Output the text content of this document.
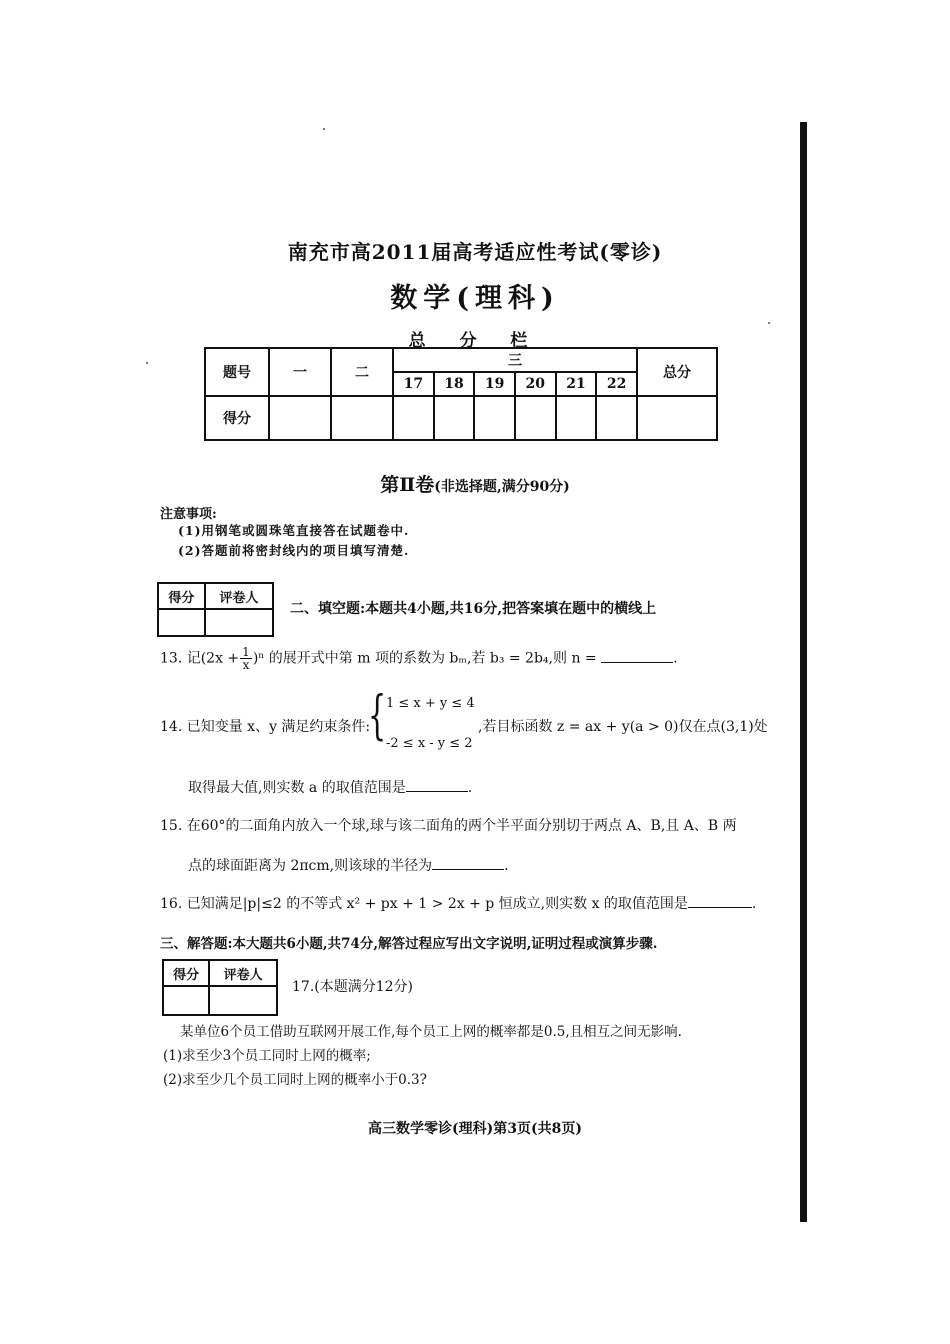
南充市高2011届高考适应性考试(零诊)
数学(理科)
总 分 栏
题号	一	二	三						总分
			17	18	19	20	21	22	
得分									
第Ⅱ卷(非选择题,满分90分)
注意事项:
(1)用钢笔或圆珠笔直接答在试题卷中.
(2)答题前将密封线内的项目填写清楚.
得分	评卷人

二、填空题:本题共4小题,共16分,把答案填在题中的横线上
13. 记$(2x + \frac{1}{x} )^n$ 的展开式中第 m 项的系数为 bₘ,若 b₃ = 2b₄,则 n =	.
14. 已知变量 x、y 满足约束条件:
{ 1 ≤ x + y ≤ 4
-2 ≤ x - y ≤ 2
,若目标函数 z = ax + y(a > 0)仅在点(3,1)处
取得最大值,则实数 a 的取值范围是	.
15. 在60°的二面角内放入一个球,球与该二面角的两个半平面分别切于两点 A、B,且 A、B 两
点的球面距离为 2πcm,则该球的半径为	.
16. 已知满足|p|≤2 的不等式 x² + px + 1 > 2x + p 恒成立,则实数 x 的取值范围是	.
三、解答题:本大题共6小题,共74分,解答过程应写出文字说明,证明过程或演算步骤.
得分	评卷人

17.(本题满分12分)
某单位6个员工借助互联网开展工作,每个员工上网的概率都是0.5,且相互之间无影响.
(1)求至少3个员工同时上网的概率;
(2)求至少几个员工同时上网的概率小于0.3?
高三数学零诊(理科)第3页(共8页)
